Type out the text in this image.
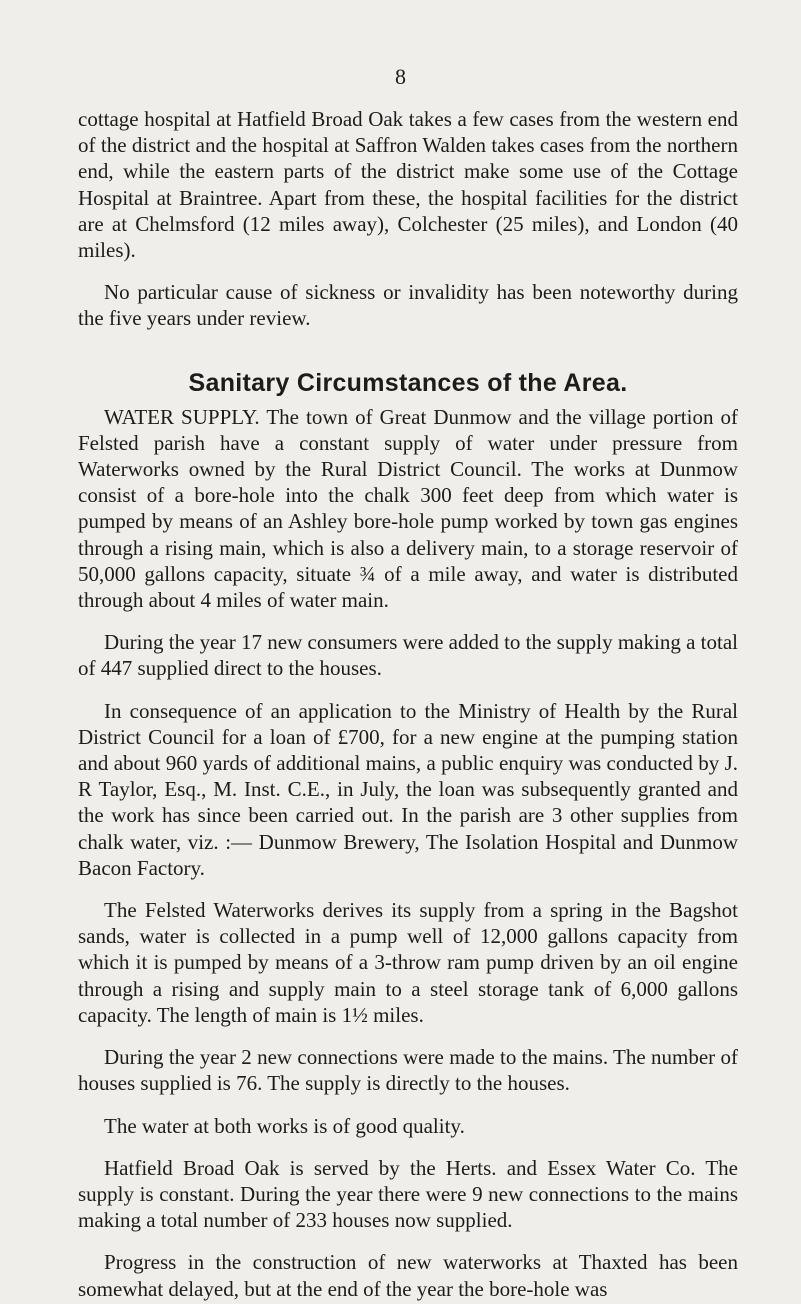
8

cottage hospital at Hatfield Broad Oak takes a few cases from the western end of the district and the hospital at Saffron Walden takes cases from the northern end, while the eastern parts of the district make some use of the Cottage Hospital at Braintree. Apart from these, the hospital facilities for the district are at Chelmsford (12 miles away), Colchester (25 miles), and London (40 miles).

No particular cause of sickness or invalidity has been noteworthy during the five years under review.

Sanitary Circumstances of the Area.

WATER SUPPLY. The town of Great Dunmow and the village portion of Felsted parish have a constant supply of water under pressure from Waterworks owned by the Rural District Council. The works at Dunmow consist of a bore-hole into the chalk 300 feet deep from which water is pumped by means of an Ashley bore-hole pump worked by town gas engines through a rising main, which is also a delivery main, to a storage reservoir of 50,000 gallons capacity, situate ¾ of a mile away, and water is distributed through about 4 miles of water main.

During the year 17 new consumers were added to the supply making a total of 447 supplied direct to the houses.

In consequence of an application to the Ministry of Health by the Rural District Council for a loan of £700, for a new engine at the pumping station and about 960 yards of additional mains, a public enquiry was conducted by J. R Taylor, Esq., M. Inst. C.E., in July, the loan was subsequently granted and the work has since been carried out. In the parish are 3 other supplies from chalk water, viz. :— Dunmow Brewery, The Isolation Hospital and Dunmow Bacon Factory.

The Felsted Waterworks derives its supply from a spring in the Bagshot sands, water is collected in a pump well of 12,000 gallons capacity from which it is pumped by means of a 3-throw ram pump driven by an oil engine through a rising and supply main to a steel storage tank of 6,000 gallons capacity. The length of main is 1½ miles.

During the year 2 new connections were made to the mains. The number of houses supplied is 76. The supply is directly to the houses.

The water at both works is of good quality.

Hatfield Broad Oak is served by the Herts. and Essex Water Co. The supply is constant. During the year there were 9 new connections to the mains making a total number of 233 houses now supplied.

Progress in the construction of new waterworks at Thaxted has been somewhat delayed, but at the end of the year the bore-hole was
